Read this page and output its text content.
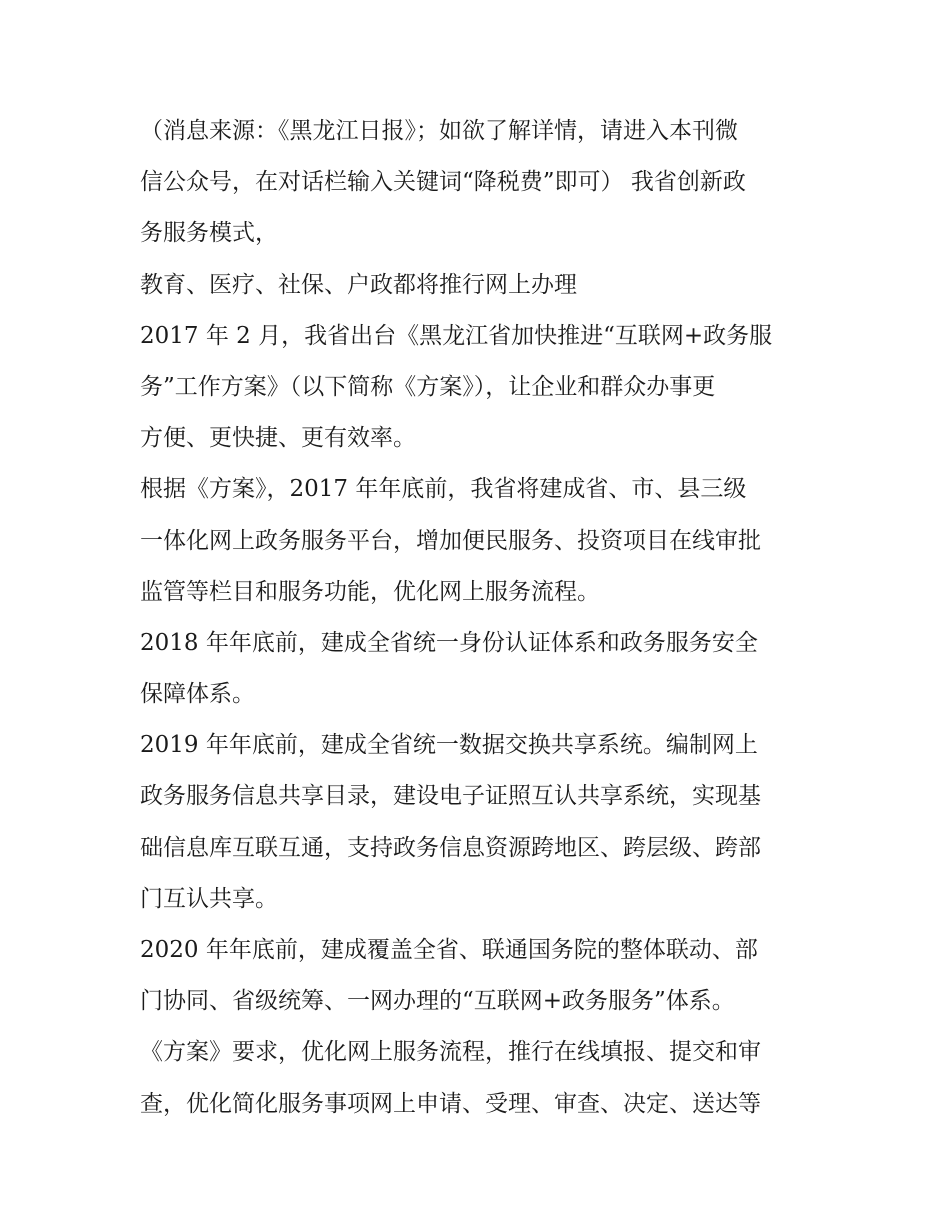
（消息来源：《黑龙江日报》；如欲了解详情，请进入本刊微
信公众号，在对话栏输入关键词“降税费”即可） 我省创新政
务服务模式，
教育、医疗、社保、户政都将推行网上办理
2017 年 2 月，我省出台《黑龙江省加快推进“互联网+政务服
务”工作方案》（以下简称《方案》），让企业和群众办事更
方便、更快捷、更有效率。
根据《方案》，2017 年年底前，我省将建成省、市、县三级
一体化网上政务服务平台，增加便民服务、投资项目在线审批
监管等栏目和服务功能，优化网上服务流程。
2018 年年底前，建成全省统一身份认证体系和政务服务安全
保障体系。
2019 年年底前，建成全省统一数据交换共享系统。编制网上
政务服务信息共享目录，建设电子证照互认共享系统，实现基
础信息库互联互通，支持政务信息资源跨地区、跨层级、跨部
门互认共享。
2020 年年底前，建成覆盖全省、联通国务院的整体联动、部
门协同、省级统筹、一网办理的“互联网+政务服务”体系。
《方案》要求，优化网上服务流程，推行在线填报、提交和审
查，优化简化服务事项网上申请、受理、审查、决定、送达等
